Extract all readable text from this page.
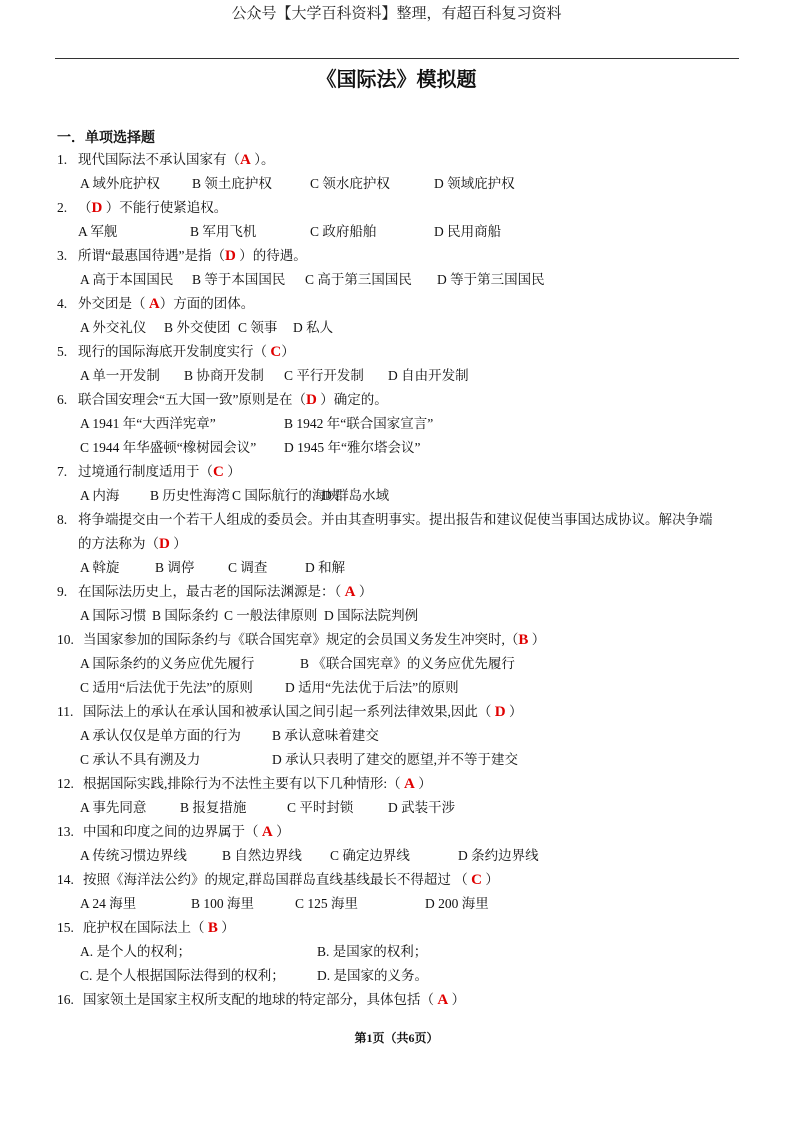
公众号【大学百科资料】整理，有超百科复习资料
《国际法》模拟题
一．单项选择题
1. 现代国际法不承认国家有（A ）。
A 域外庇护权 B 领土庇护权	C 领水庇护权	D 领域庇护权
2. （D ）不能行使紧追权。
A 军舰	B 军用飞机	C 政府船舶	D 民用商船
3. 所谓“最惠国待遇”是指（D ）的待遇。
A 高于本国国民 B 等于本国国民 C 高于第三国国民 D 等于第三国国民
4. 外交团是（ A）方面的团体。
A 外交礼仪 B 外交使团 C 领事 D 私人
5. 现行的国际海底开发制度实行（ C）
A 单一开发制 B 协商开发制 C 平行开发制 D 自由开发制
6. 联合国安理会“五大国一致”原则是在（D ）确定的。
A 1941 年“大西洋宪章”	B 1942 年“联合国家宣言”
C 1944 年华盛顿“橡树园会议” D 1945 年“雅尔塔会议”
7. 过境通行制度适用于（C ）
A 内海 B 历史性海湾 C 国际航行的海峡
D 群岛水域
8. 将争端提交由一个若干人组成的委员会。并由其查明事实。提出报告和建议促使当事国达成协议。解决争端
的方法称为（D ）
A 斡旋	B 调停 C 调查	D 和解
9. 在国际法历史上，最古老的国际法渊源是：（ A ）
A 国际习惯 B 国际条约 C 一般法律原则 D 国际法院判例
10. 当国家参加的国际条约与《联合国宪章》规定的会员国义务发生冲突时,（B ）
A 国际条约的义务应优先履行	B 《联合国宪章》的义务应优先履行
C 适用“后法优于先法”的原则 D 适用“先法优于后法”的原则
11. 国际法上的承认在承认国和被承认国之间引起一系列法律效果,因此（ D ）
A 承认仅仅是单方面的行为 B 承认意味着建交
C 承认不具有溯及力	D 承认只表明了建交的愿望,并不等于建交
12. 根据国际实践,排除行为不法性主要有以下几种情形:（ A ）
A 事先同意 B 报复措施	C 平时封锁	D 武装干涉
13. 中国和印度之间的边界属于（ A ）
A 传统习惯边界线	B 自然边界线 C 确定边界线	D 条约边界线
14. 按照《海洋法公约》的规定,群岛国群岛直线基线最长不得超过 （ C ）
A 24 海里	B 100 海里	C 125 海里	D 200 海里
15. 庇护权在国际法上（ B ）
A. 是个人的权利；	B. 是国家的权利；
C. 是个人根据国际法得到的权利； D. 是国家的义务。
16. 国家领土是国家主权所支配的地球的特定部分，具体包括（ A ）
第1页（共6页）
